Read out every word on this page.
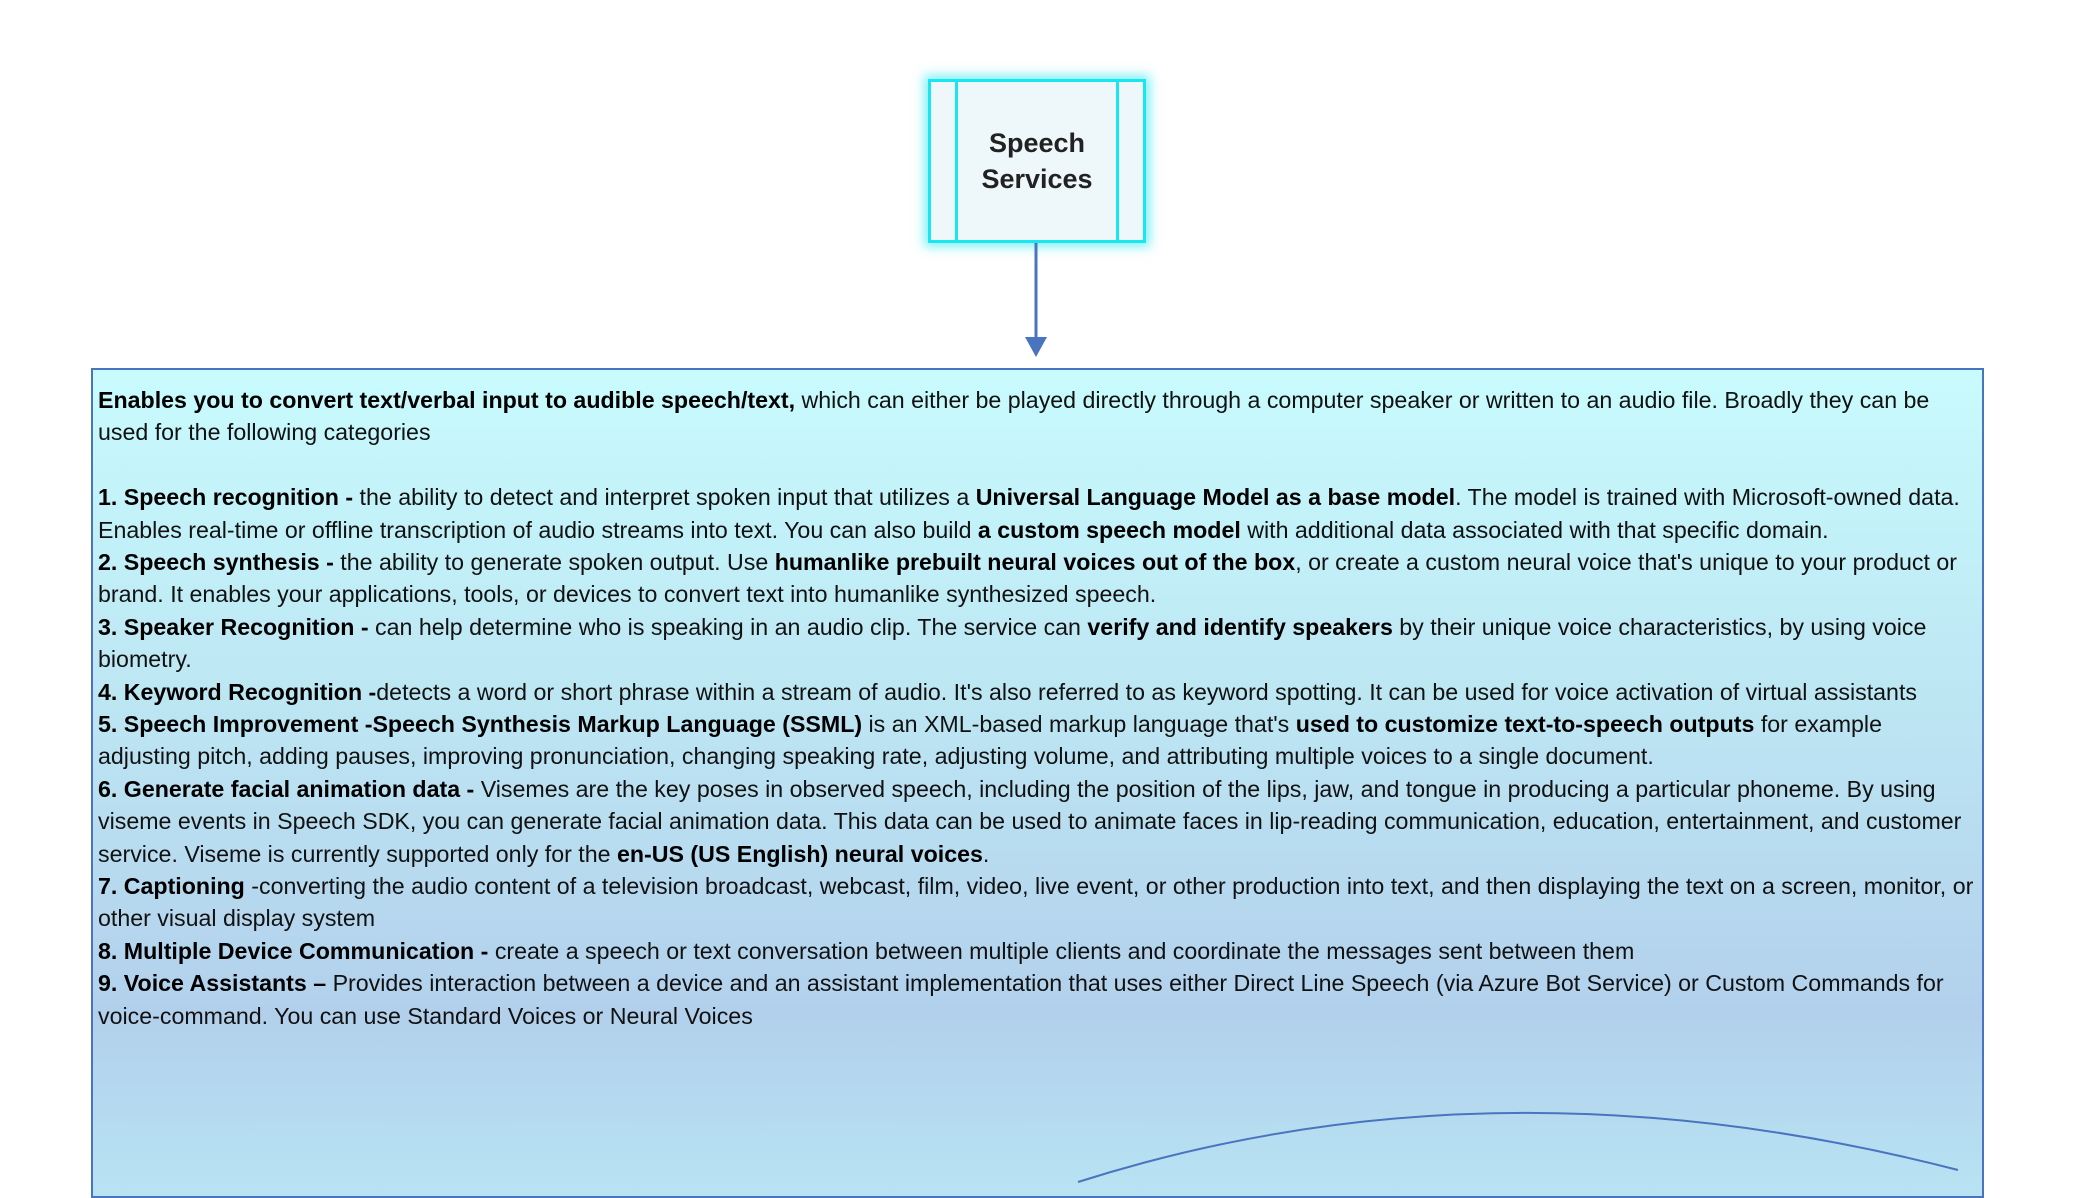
Speech
Services

Enables you to convert text/verbal input to audible speech/text, which can either be played directly through a computer speaker or written to an audio file. Broadly they can be used for the following categories

1. Speech recognition - the ability to detect and interpret spoken input that utilizes a Universal Language Model as a base model. The model is trained with Microsoft-owned data. Enables real-time or offline transcription of audio streams into text. You can also build a custom speech model with additional data associated with that specific domain.

2. Speech synthesis - the ability to generate spoken output. Use humanlike prebuilt neural voices out of the box, or create a custom neural voice that's unique to your product or brand. It enables your applications, tools, or devices to convert text into humanlike synthesized speech.

3. Speaker Recognition - can help determine who is speaking in an audio clip. The service can verify and identify speakers by their unique voice characteristics, by using voice biometry.

4. Keyword Recognition -detects a word or short phrase within a stream of audio. It's also referred to as keyword spotting. It can be used for voice activation of virtual assistants

5. Speech Improvement -Speech Synthesis Markup Language (SSML) is an XML-based markup language that's used to customize text-to-speech outputs for example adjusting pitch, adding pauses, improving pronunciation, changing speaking rate, adjusting volume, and attributing multiple voices to a single document.

6. Generate facial animation data - Visemes are the key poses in observed speech, including the position of the lips, jaw, and tongue in producing a particular phoneme. By using viseme events in Speech SDK, you can generate facial animation data. This data can be used to animate faces in lip-reading communication, education, entertainment, and customer service. Viseme is currently supported only for the en-US (US English) neural voices.

7. Captioning -converting the audio content of a television broadcast, webcast, film, video, live event, or other production into text, and then displaying the text on a screen, monitor, or other visual display system

8. Multiple Device Communication - create a speech or text conversation between multiple clients and coordinate the messages sent between them

9. Voice Assistants – Provides interaction between a device and an assistant implementation that uses either Direct Line Speech (via Azure Bot Service) or Custom Commands for voice-command. You can use Standard Voices or Neural Voices
